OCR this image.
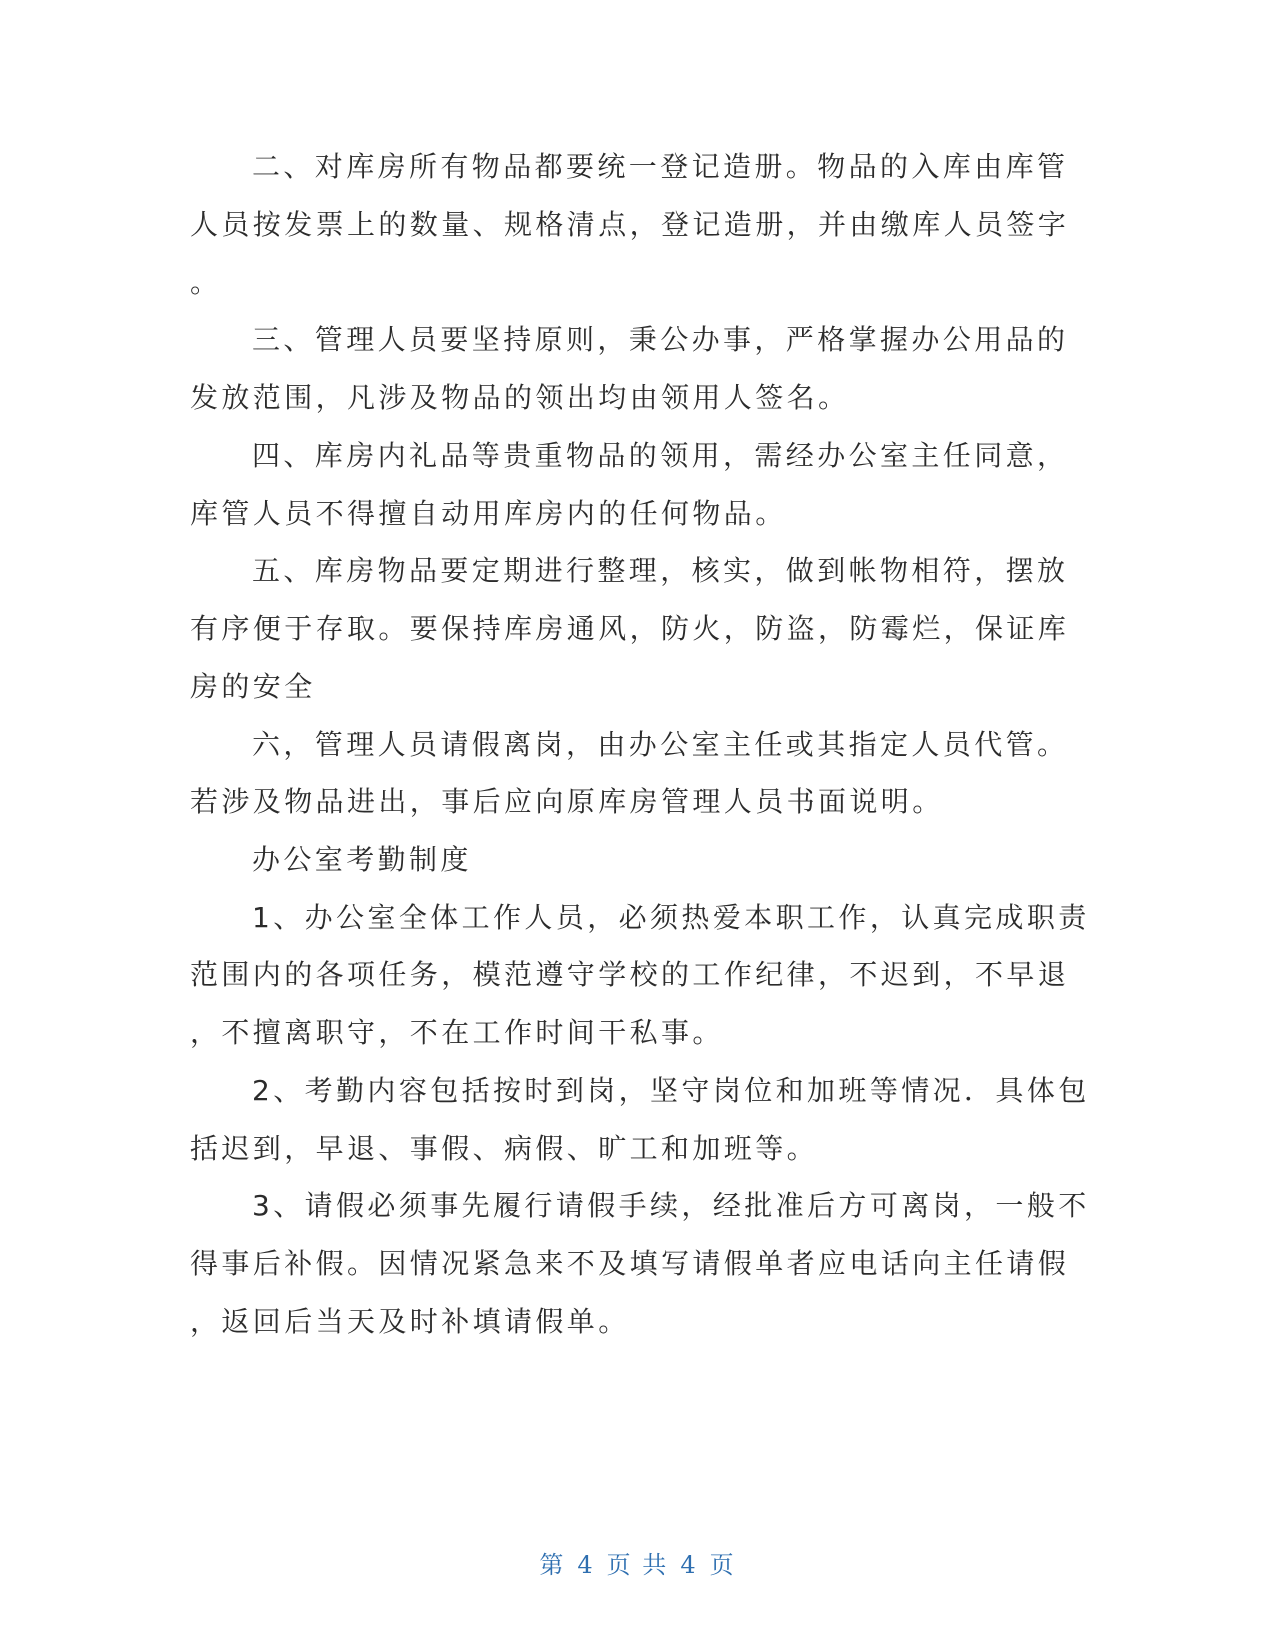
二、对库房所有物品都要统一登记造册。物品的入库由库管
人员按发票上的数量、规格清点，登记造册，并由缴库人员签字
。
三、管理人员要坚持原则，秉公办事，严格掌握办公用品的
发放范围，凡涉及物品的领出均由领用人签名。
四、库房内礼品等贵重物品的领用，需经办公室主任同意，
库管人员不得擅自动用库房内的任何物品。
五、库房物品要定期进行整理，核实，做到帐物相符，摆放
有序便于存取。要保持库房通风，防火，防盗，防霉烂，保证库
房的安全
六，管理人员请假离岗，由办公室主任或其指定人员代管。
若涉及物品进出，事后应向原库房管理人员书面说明。
办公室考勤制度
1、办公室全体工作人员，必须热爱本职工作，认真完成职责
范围内的各项任务，模范遵守学校的工作纪律，不迟到，不早退
，不擅离职守，不在工作时间干私事。
2、考勤内容包括按时到岗，坚守岗位和加班等情况．具体包
括迟到，早退、事假、病假、旷工和加班等。
3、请假必须事先履行请假手续，经批准后方可离岗，一般不
得事后补假。因情况紧急来不及填写请假单者应电话向主任请假
，返回后当天及时补填请假单。
第 4 页 共 4 页
